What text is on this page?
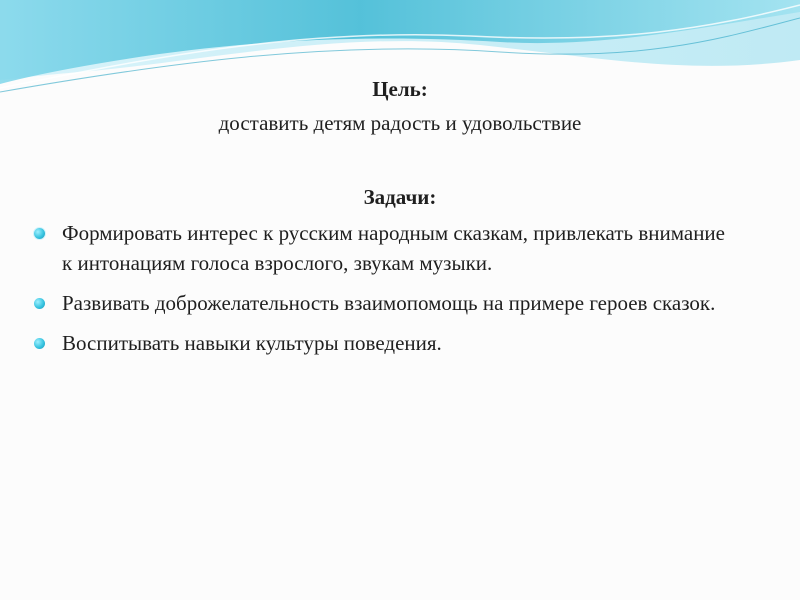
Цель:
доставить детям радость и удовольствие
Задачи:
Формировать интерес к русским народным сказкам, привлекать внимание к интонациям голоса взрослого, звукам музыки.
Развивать доброжелательность взаимопомощь на примере героев сказок.
Воспитывать навыки культуры поведения.
